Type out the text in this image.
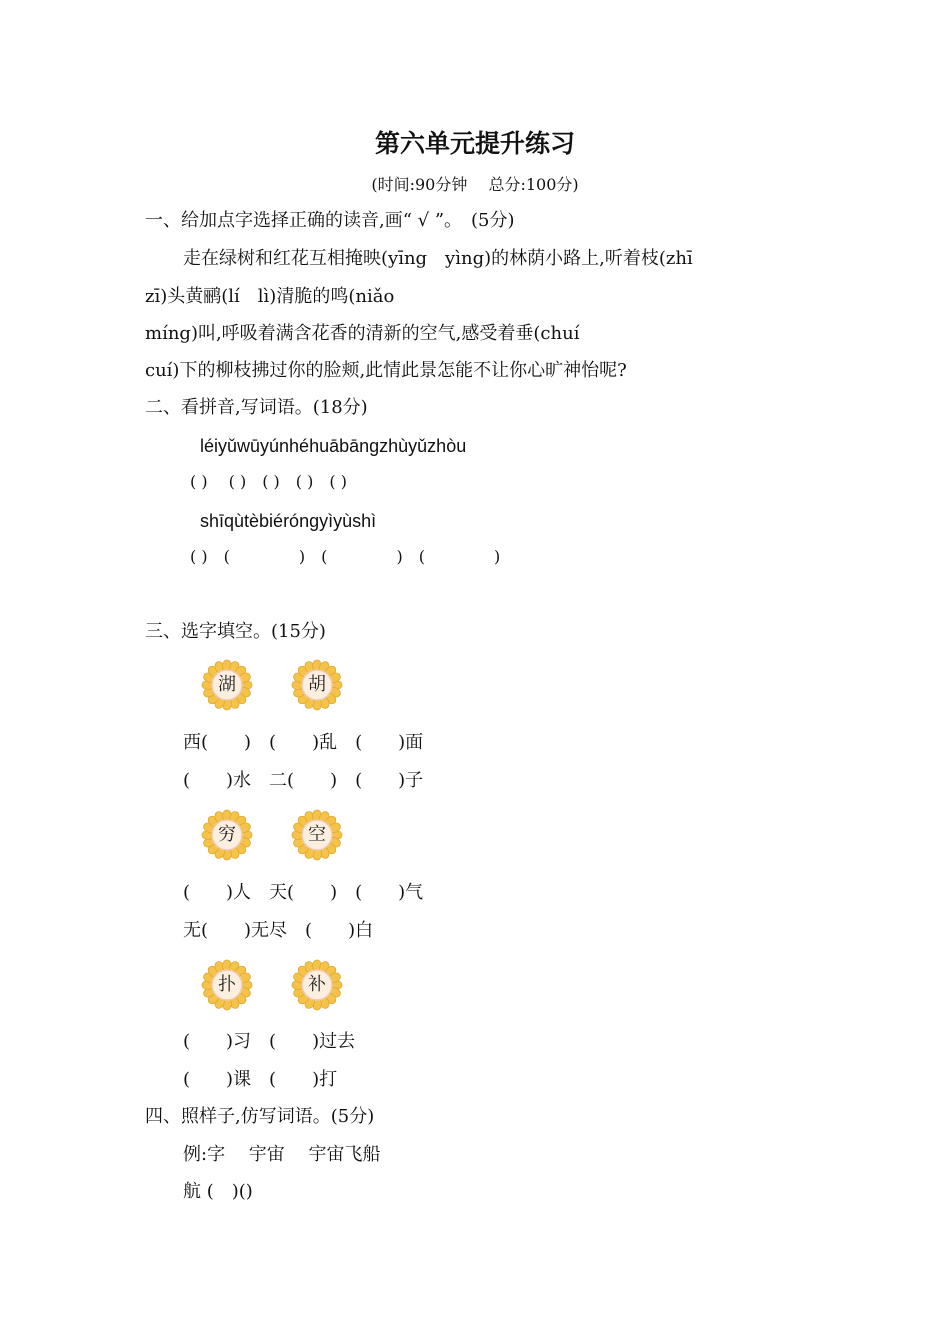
第六单元提升练习
(时间:90分钟　 总分:100分)
一、给加点字选择正确的读音,画“ √ ”。　(5分)
走在绿树和红花互相掩映(yīng　yìng)的林荫小路上,听着枝(zhī
zī)头黄鹂(lí　lì)清脆的鸣(niǎo
míng)叫,呼吸着满含花香的清新的空气,感受着垂(chuí
cuí)下的柳枝拂过你的脸颊,此情此景怎能不让你心旷神怡呢?
二、看拼音,写词语。(18分)
léiyǔwūyúnhéhuābāngzhùyǔzhòu
( )　 ( )　( )　( )　( )
shīqùtèbiéróngyìyùshì
( )　(　　　　 )　(　　　　 )　(　　　　 )
三、选字填空。(15分)
湖	胡
西(　　)　(　　)乱　(　　)面
(　　)水　二(　　)　(　　)子
穷	空
(　　)人　天(　　)　(　　)气
无(　　)无尽　(　　)白
扑	补
(　　)习　(　　)过去
(　　)课　(　　)打
四、照样子,仿写词语。(5分)
例:字　 宇宙　 宇宙飞船
航 (　)()
